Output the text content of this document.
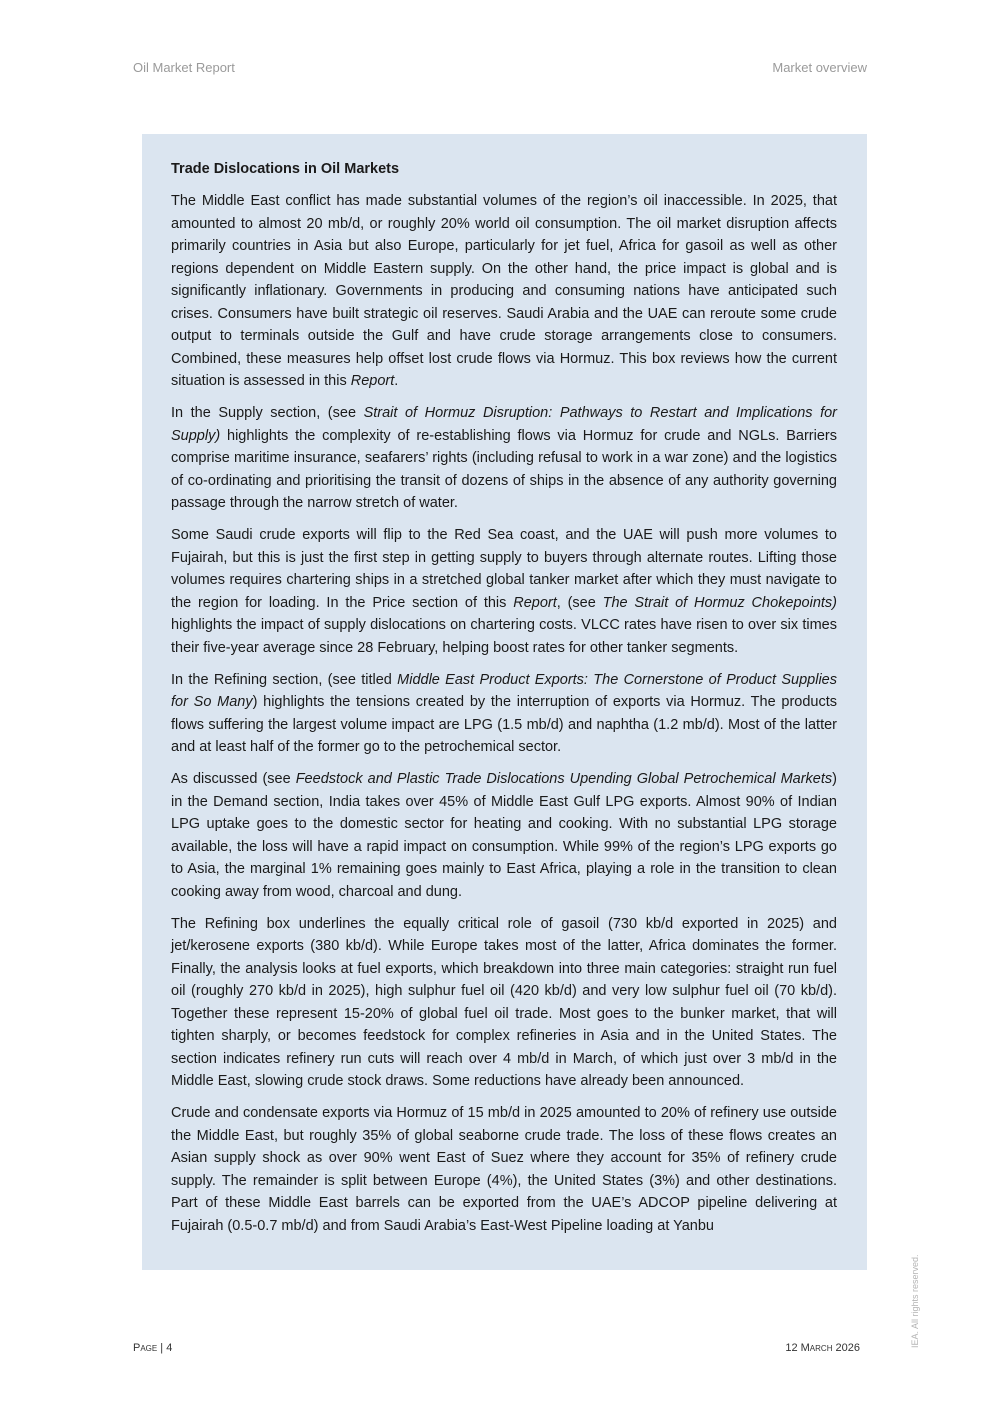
Oil Market Report	Market overview
Trade Dislocations in Oil Markets

The Middle East conflict has made substantial volumes of the region’s oil inaccessible. In 2025, that amounted to almost 20 mb/d, or roughly 20% world oil consumption. The oil market disruption affects primarily countries in Asia but also Europe, particularly for jet fuel, Africa for gasoil as well as other regions dependent on Middle Eastern supply. On the other hand, the price impact is global and is significantly inflationary. Governments in producing and consuming nations have anticipated such crises. Consumers have built strategic oil reserves. Saudi Arabia and the UAE can reroute some crude output to terminals outside the Gulf and have crude storage arrangements close to consumers. Combined, these measures help offset lost crude flows via Hormuz. This box reviews how the current situation is assessed in this Report.

In the Supply section, (see Strait of Hormuz Disruption: Pathways to Restart and Implications for Supply) highlights the complexity of re-establishing flows via Hormuz for crude and NGLs. Barriers comprise maritime insurance, seafarers’ rights (including refusal to work in a war zone) and the logistics of co-ordinating and prioritising the transit of dozens of ships in the absence of any authority governing passage through the narrow stretch of water.

Some Saudi crude exports will flip to the Red Sea coast, and the UAE will push more volumes to Fujairah, but this is just the first step in getting supply to buyers through alternate routes. Lifting those volumes requires chartering ships in a stretched global tanker market after which they must navigate to the region for loading. In the Price section of this Report, (see The Strait of Hormuz Chokepoints) highlights the impact of supply dislocations on chartering costs. VLCC rates have risen to over six times their five-year average since 28 February, helping boost rates for other tanker segments.

In the Refining section, (see titled Middle East Product Exports: The Cornerstone of Product Supplies for So Many) highlights the tensions created by the interruption of exports via Hormuz. The products flows suffering the largest volume impact are LPG (1.5 mb/d) and naphtha (1.2 mb/d). Most of the latter and at least half of the former go to the petrochemical sector.

As discussed (see Feedstock and Plastic Trade Dislocations Upending Global Petrochemical Markets) in the Demand section, India takes over 45% of Middle East Gulf LPG exports. Almost 90% of Indian LPG uptake goes to the domestic sector for heating and cooking. With no substantial LPG storage available, the loss will have a rapid impact on consumption. While 99% of the region’s LPG exports go to Asia, the marginal 1% remaining goes mainly to East Africa, playing a role in the transition to clean cooking away from wood, charcoal and dung.

The Refining box underlines the equally critical role of gasoil (730 kb/d exported in 2025) and jet/kerosene exports (380 kb/d). While Europe takes most of the latter, Africa dominates the former. Finally, the analysis looks at fuel exports, which breakdown into three main categories: straight run fuel oil (roughly 270 kb/d in 2025), high sulphur fuel oil (420 kb/d) and very low sulphur fuel oil (70 kb/d). Together these represent 15-20% of global fuel oil trade. Most goes to the bunker market, that will tighten sharply, or becomes feedstock for complex refineries in Asia and in the United States. The section indicates refinery run cuts will reach over 4 mb/d in March, of which just over 3 mb/d in the Middle East, slowing crude stock draws. Some reductions have already been announced.

Crude and condensate exports via Hormuz of 15 mb/d in 2025 amounted to 20% of refinery use outside the Middle East, but roughly 35% of global seaborne crude trade. The loss of these flows creates an Asian supply shock as over 90% went East of Suez where they account for 35% of refinery crude supply. The remainder is split between Europe (4%), the United States (3%) and other destinations. Part of these Middle East barrels can be exported from the UAE’s ADCOP pipeline delivering at Fujairah (0.5-0.7 mb/d) and from Saudi Arabia’s East-West Pipeline loading at Yanbu

Page | 4	12 March 2026	IEA. All rights reserved.
